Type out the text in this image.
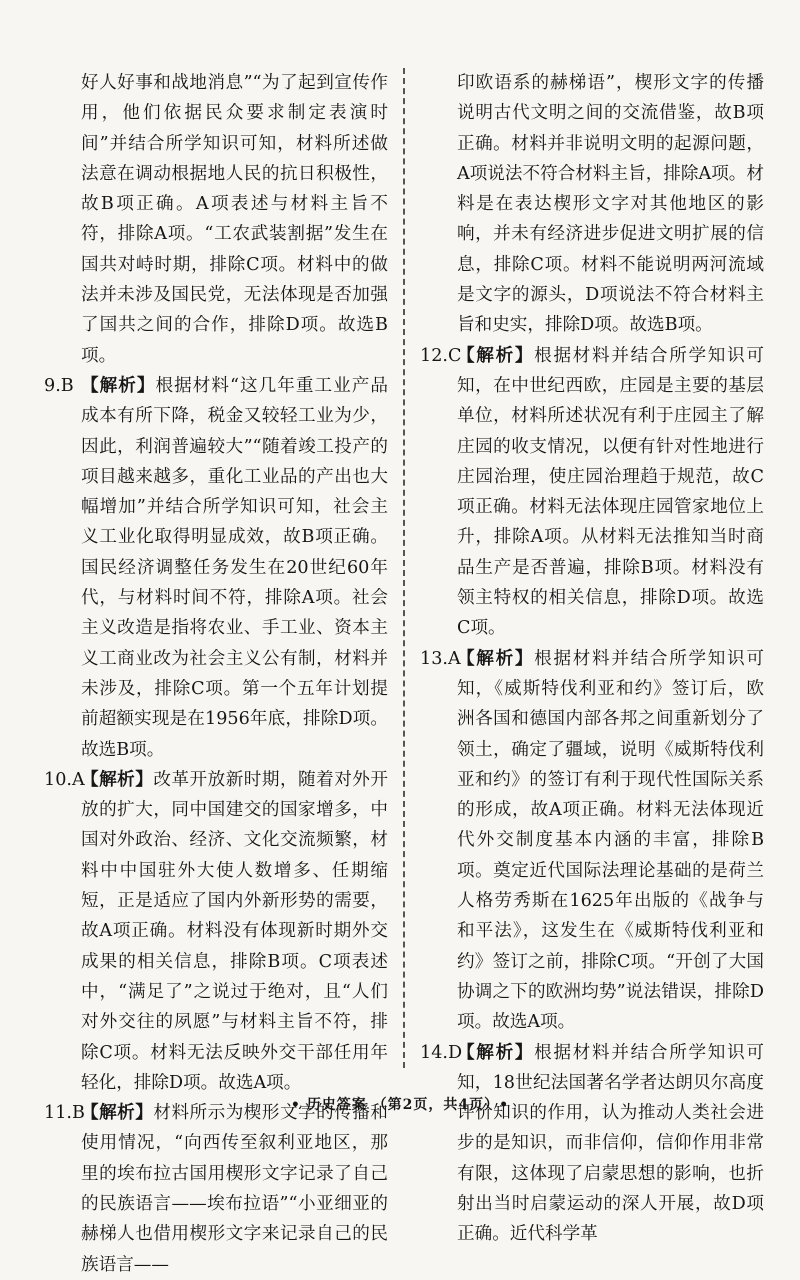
好人好事和战地消息”“为了起到宣传作用，他们依据民众要求制定表演时间”并结合所学知识可知，材料所述做法意在调动根据地人民的抗日积极性，故B项正确。A项表述与材料主旨不符，排除A项。“工农武装割据”发生在国共对峙时期，排除C项。材料中的做法并未涉及国民党，无法体现是否加强了国共之间的合作，排除D项。故选B项。

9.B 【解析】根据材料“这几年重工业产品成本有所下降，税金又较轻工业为少，因此，利润普遍较大”“随着竣工投产的项目越来越多，重化工业品的产出也大幅增加”并结合所学知识可知，社会主义工业化取得明显成效，故B项正确。国民经济调整任务发生在20世纪60年代，与材料时间不符，排除A项。社会主义改造是指将农业、手工业、资本主义工商业改为社会主义公有制，材料并未涉及，排除C项。第一个五年计划提前超额实现是在1956年底，排除D项。故选B项。
10.A
【解析】改革开放新时期，随着对外开放的扩大，同中国建交的国家增多，中国对外政治、经济、文化交流频繁，材料中中国驻外大使人数增多、任期缩短，正是适应了国内外新形势的需要，故A项正确。材料没有体现新时期外交成果的相关信息，排除B项。C项表述中，“满足了”之说过于绝对，且“人们对外交往的夙愿”与材料主旨不符，排除C项。材料无法反映外交干部任用年轻化，排除D项。故选A项。
11.B
【解析】材料所示为楔形文字的传播和使用情况，“向西传至叙利亚地区，那里的埃布拉古国用楔形文字记录了自己的民族语言——埃布拉语”“小亚细亚的赫梯人也借用楔形文字来记录自己的民族语言——

印欧语系的赫梯语”，楔形文字的传播说明古代文明之间的交流借鉴，故B项正确。材料并非说明文明的起源问题，A项说法不符合材料主旨，排除A项。材料是在表达楔形文字对其他地区的影响，并未有经济进步促进文明扩展的信息，排除C项。材料不能说明两河流域是文字的源头，D项说法不符合材料主旨和史实，排除D项。故选B项。

12.C
【解析】根据材料并结合所学知识可知，在中世纪西欧，庄园是主要的基层单位，材料所述状况有利于庄园主了解庄园的收支情况，以便有针对性地进行庄园治理，使庄园治理趋于规范，故C项正确。材料无法体现庄园管家地位上升，排除A项。从材料无法推知当时商品生产是否普遍，排除B项。材料没有领主特权的相关信息，排除D项。故选C项。
13.A
【解析】根据材料并结合所学知识可知，《威斯特伐利亚和约》签订后，欧洲各国和德国内部各邦之间重新划分了领土，确定了疆域，说明《威斯特伐利亚和约》的签订有利于现代性国际关系的形成，故A项正确。材料无法体现近代外交制度基本内涵的丰富，排除B项。奠定近代国际法理论基础的是荷兰人格劳秀斯在1625年出版的《战争与和平法》，这发生在《威斯特伐利亚和约》签订之前，排除C项。“开创了大国协调之下的欧洲均势”说法错误，排除D项。故选A项。
14.D
【解析】根据材料并结合所学知识可知，18世纪法国著名学者达朗贝尔高度评价知识的作用，认为推动人类社会进步的是知识，而非信仰，信仰作用非常有限，这体现了启蒙思想的影响，也折射出当时启蒙运动的深人开展，故D项正确。近代科学革
• 历史答案 （第2页，共4页）•
